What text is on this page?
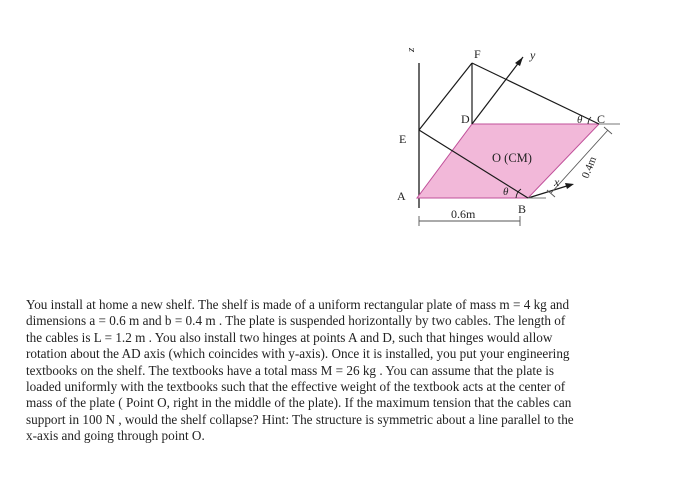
z	F	y
D	C
E
O (CM)
A
B
x
θ
θ
0.6m
0.4m

You install at home a new shelf. The shelf is made of a uniform rectangular plate of mass m = 4 kg and
dimensions a = 0.6 m and b = 0.4 m . The plate is suspended horizontally by two cables. The length of
the cables is L = 1.2 m . You also install two hinges at points A and D, such that hinges would allow
rotation about the AD axis (which coincides with y-axis). Once it is installed, you put your engineering
textbooks on the shelf. The textbooks have a total mass M = 26 kg . You can assume that the plate is
loaded uniformly with the textbooks such that the effective weight of the textbook acts at the center of
mass of the plate ( Point O, right in the middle of the plate). If the maximum tension that the cables can
support in 100 N , would the shelf collapse? Hint: The structure is symmetric about a line parallel to the
x-axis and going through point O.
